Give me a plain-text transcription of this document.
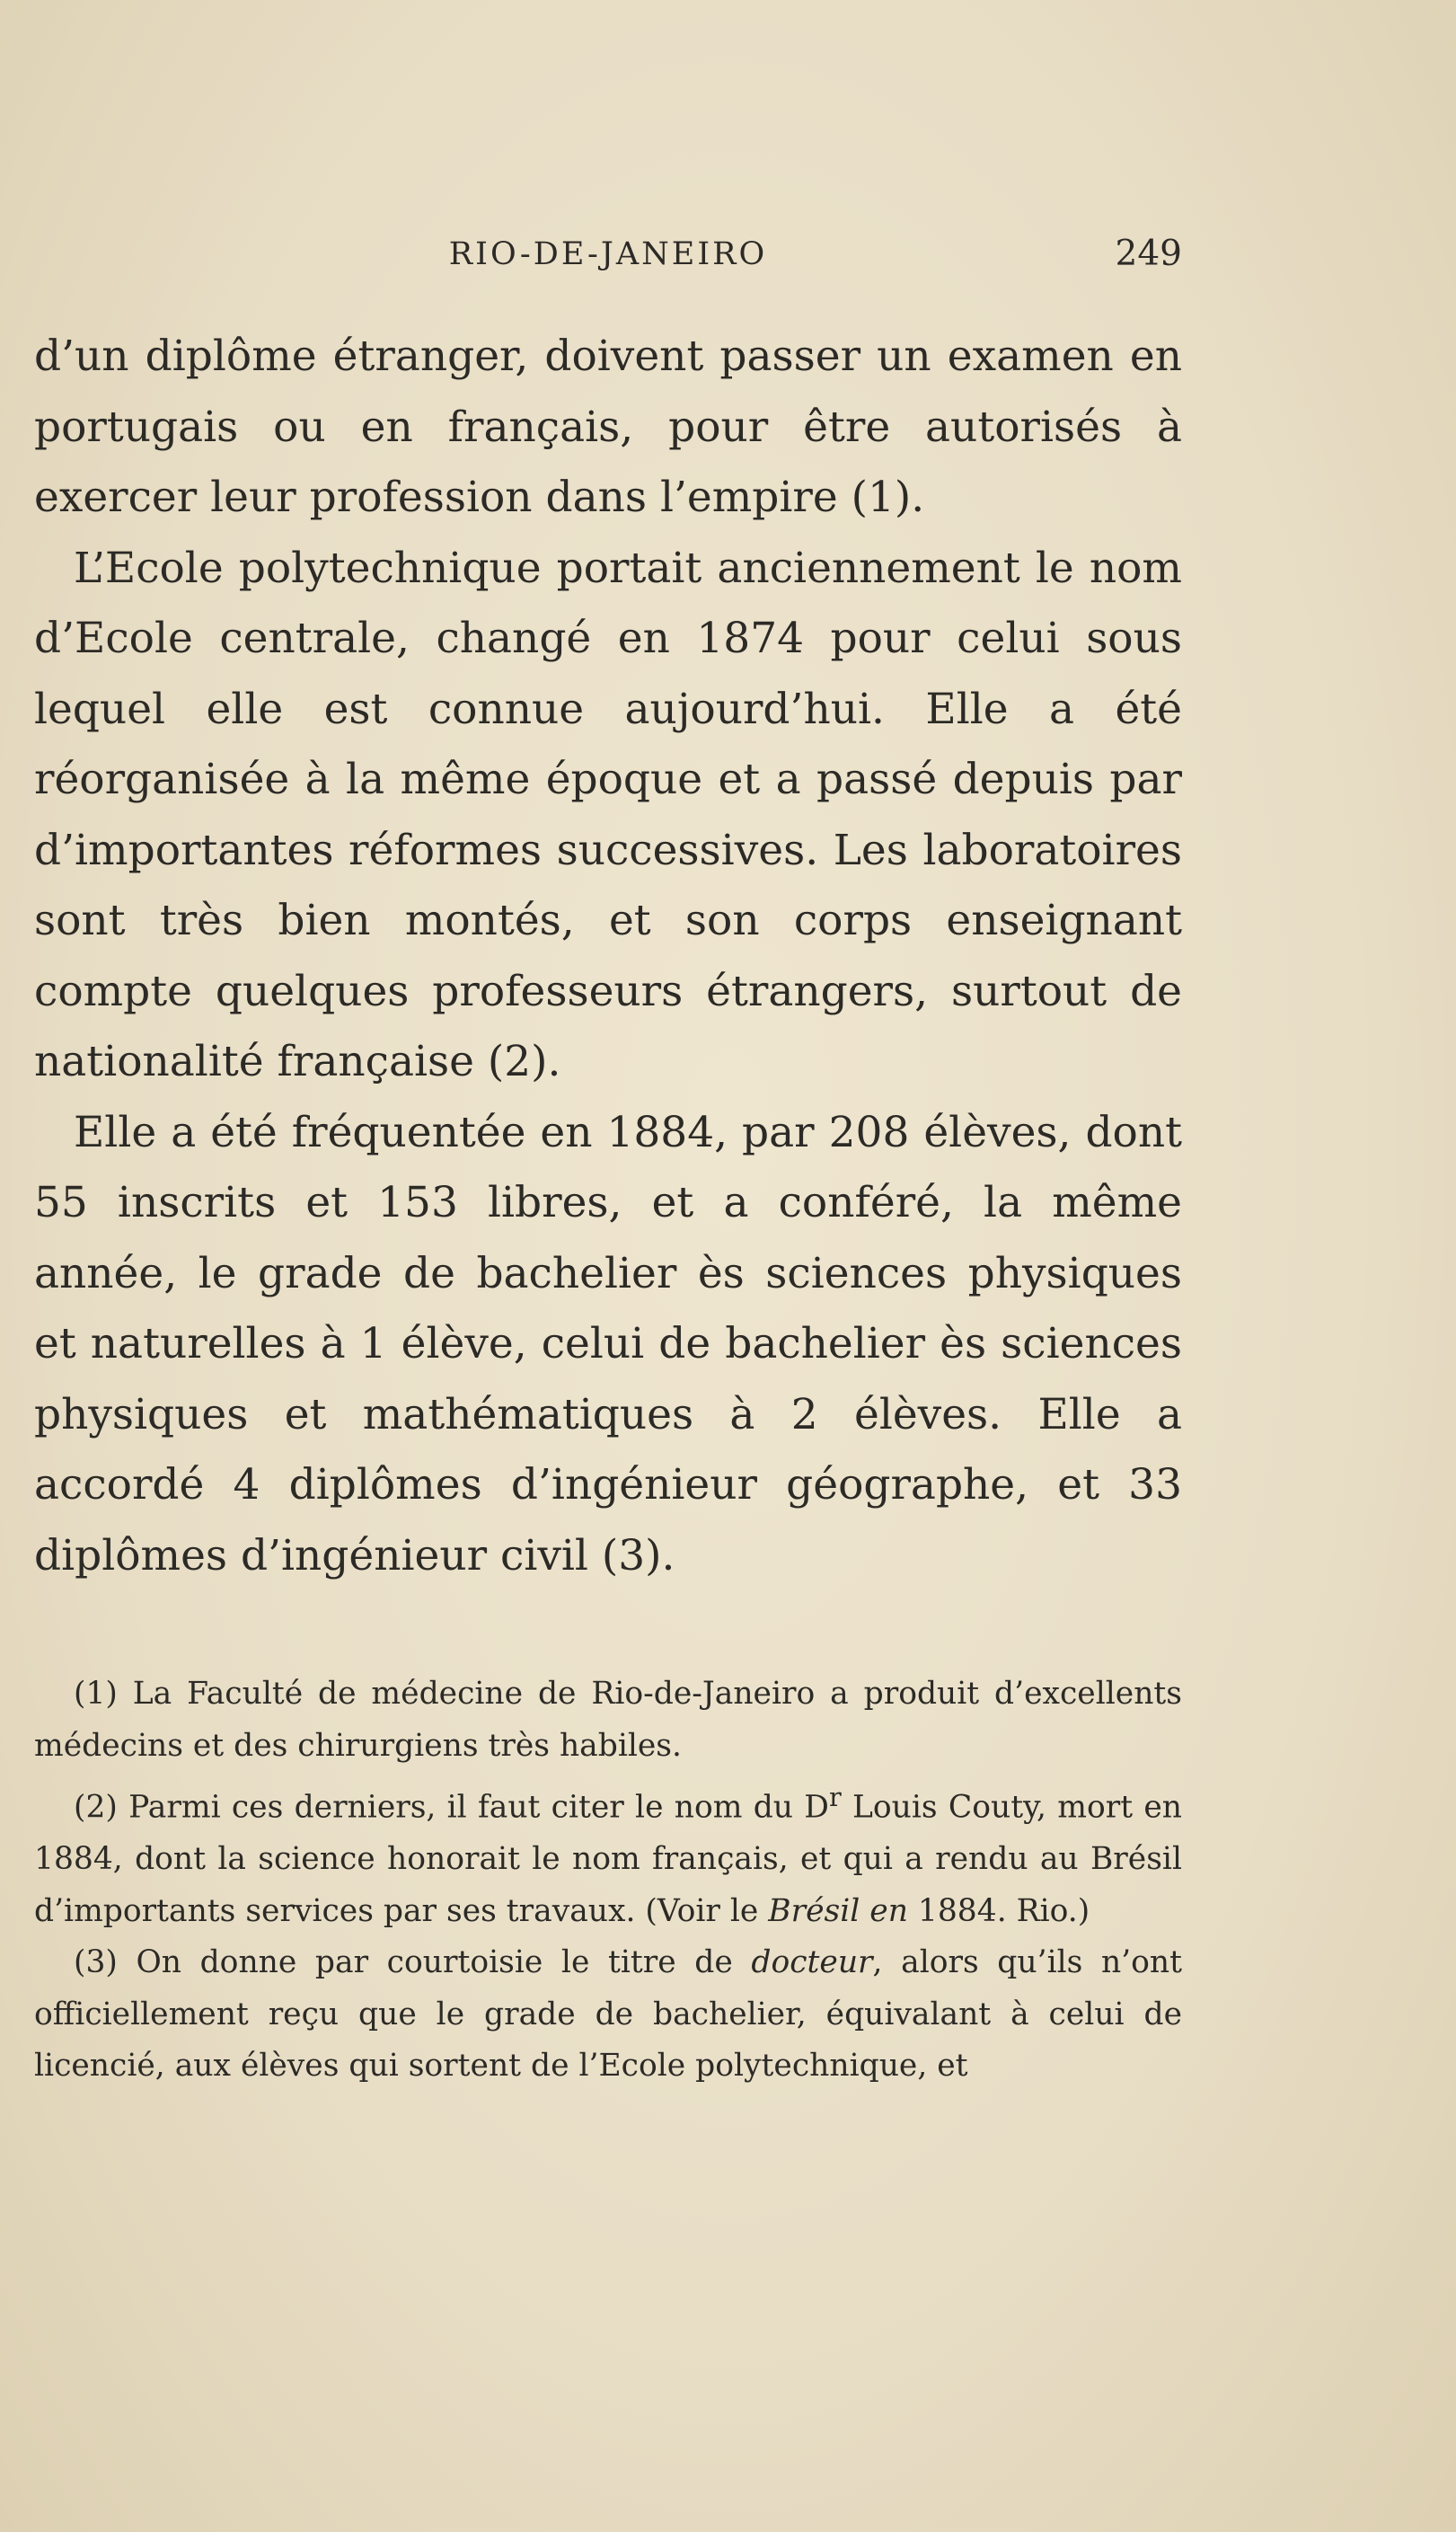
RIO-DE-JANEIRO	249

d’un diplôme étranger, doivent passer un examen en portugais ou en français, pour être autorisés à exercer leur profession dans l’empire (1).

L’Ecole polytechnique portait anciennement le nom d’Ecole centrale, changé en 1874 pour celui sous lequel elle est connue aujourd’hui. Elle a été réorganisée à la même époque et a passé depuis par d’importantes réformes successives. Les laboratoires sont très bien montés, et son corps enseignant compte quelques professeurs étrangers, surtout de nationalité française (2).

Elle a été fréquentée en 1884, par 208 élèves, dont 55 inscrits et 153 libres, et a conféré, la même année, le grade de bachelier ès sciences physiques et naturelles à 1 élève, celui de bachelier ès sciences physiques et mathématiques à 2 élèves. Elle a accordé 4 diplômes d’ingénieur géographe, et 33 diplômes d’ingénieur civil (3).

(1) La Faculté de médecine de Rio-de-Janeiro a produit d’excellents médecins et des chirurgiens très habiles.

(2) Parmi ces derniers, il faut citer le nom du $D^r$ Louis Couty, mort en 1884, dont la science honorait le nom français, et qui a rendu au Brésil d’importants services par ses travaux. (Voir le Brésil en 1884. Rio.)

(3) On donne par courtoisie le titre de docteur, alors qu’ils n’ont officiellement reçu que le grade de bachelier, équivalant à celui de licencié, aux élèves qui sortent de l’Ecole polytechnique, et
